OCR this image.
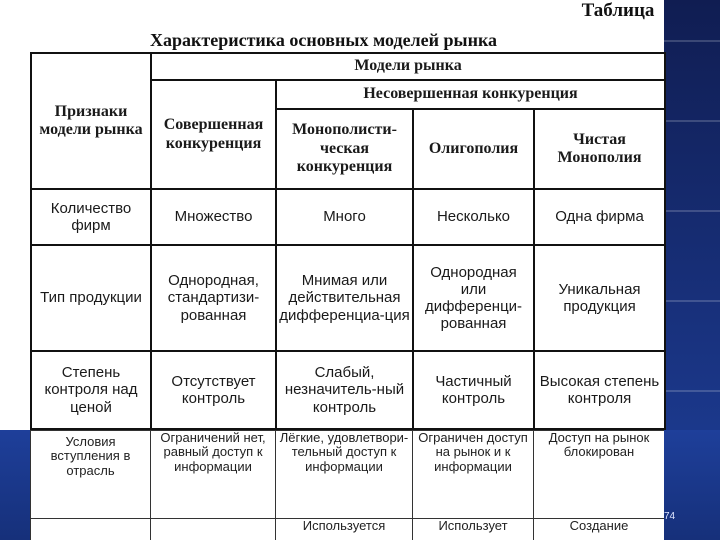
Таблица
Характеристика основных моделей рынка
Признаки модели рынка	Модели рынка			
	Совершенная конкуренция	Несовершенная конкуренция		
		Монополисти-ческая конкуренция	Олигополия	Чистая Монополия
Количество фирм	Множество	Много	Несколько	Одна фирма
Тип продукции	Однородная, стандартизи-рованная	Мнимая или действительная дифференциа-ция	Однородная или дифференци-рованная	Уникальная продукция
Степень контроля над ценой	Отсутствует контроль	Слабый, незначитель-ный контроль	Частичный контроль	Высокая степень контроля
Условия вступления в отрасль	Ограничений нет, равный доступ к информации	Лёгкие, удовлетвори-тельный доступ к информации	Ограничен доступ на рынок и к информации	Доступ на рынок блокирован
		Используется	Использует	Создание
74
